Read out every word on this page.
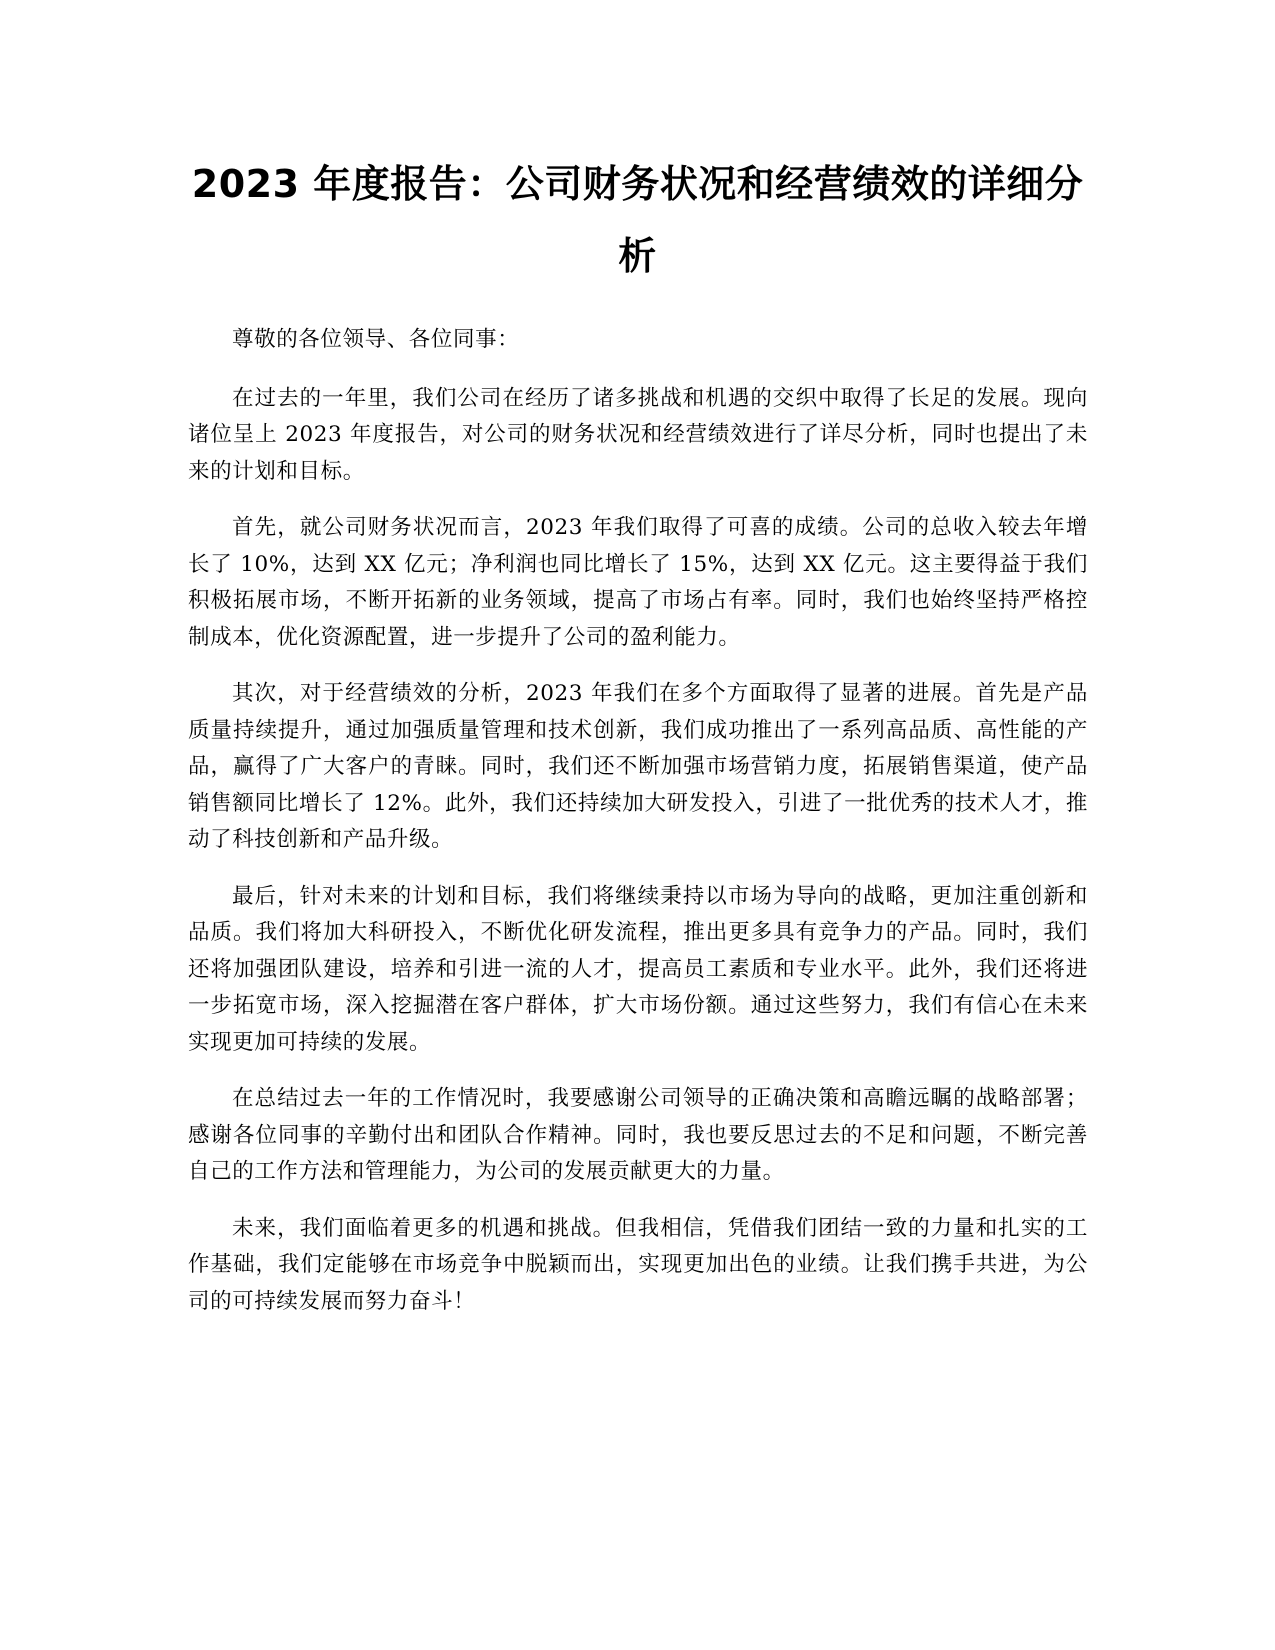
2023 年度报告：公司财务状况和经营绩效的详细分析

尊敬的各位领导、各位同事：

在过去的一年里，我们公司在经历了诸多挑战和机遇的交织中取得了长足的发展。现向诸位呈上 2023 年度报告，对公司的财务状况和经营绩效进行了详尽分析，同时也提出了未来的计划和目标。

首先，就公司财务状况而言，2023 年我们取得了可喜的成绩。公司的总收入较去年增长了 10%，达到 XX 亿元；净利润也同比增长了 15%，达到 XX 亿元。这主要得益于我们积极拓展市场，不断开拓新的业务领域，提高了市场占有率。同时，我们也始终坚持严格控制成本，优化资源配置，进一步提升了公司的盈利能力。

其次，对于经营绩效的分析，2023 年我们在多个方面取得了显著的进展。首先是产品质量持续提升，通过加强质量管理和技术创新，我们成功推出了一系列高品质、高性能的产品，赢得了广大客户的青睐。同时，我们还不断加强市场营销力度，拓展销售渠道，使产品销售额同比增长了 12%。此外，我们还持续加大研发投入，引进了一批优秀的技术人才，推动了科技创新和产品升级。

最后，针对未来的计划和目标，我们将继续秉持以市场为导向的战略，更加注重创新和品质。我们将加大科研投入，不断优化研发流程，推出更多具有竞争力的产品。同时，我们还将加强团队建设，培养和引进一流的人才，提高员工素质和专业水平。此外，我们还将进一步拓宽市场，深入挖掘潜在客户群体，扩大市场份额。通过这些努力，我们有信心在未来实现更加可持续的发展。

在总结过去一年的工作情况时，我要感谢公司领导的正确决策和高瞻远瞩的战略部署；感谢各位同事的辛勤付出和团队合作精神。同时，我也要反思过去的不足和问题，不断完善自己的工作方法和管理能力，为公司的发展贡献更大的力量。

未来，我们面临着更多的机遇和挑战。但我相信，凭借我们团结一致的力量和扎实的工作基础，我们定能够在市场竞争中脱颖而出，实现更加出色的业绩。让我们携手共进，为公司的可持续发展而努力奋斗！
